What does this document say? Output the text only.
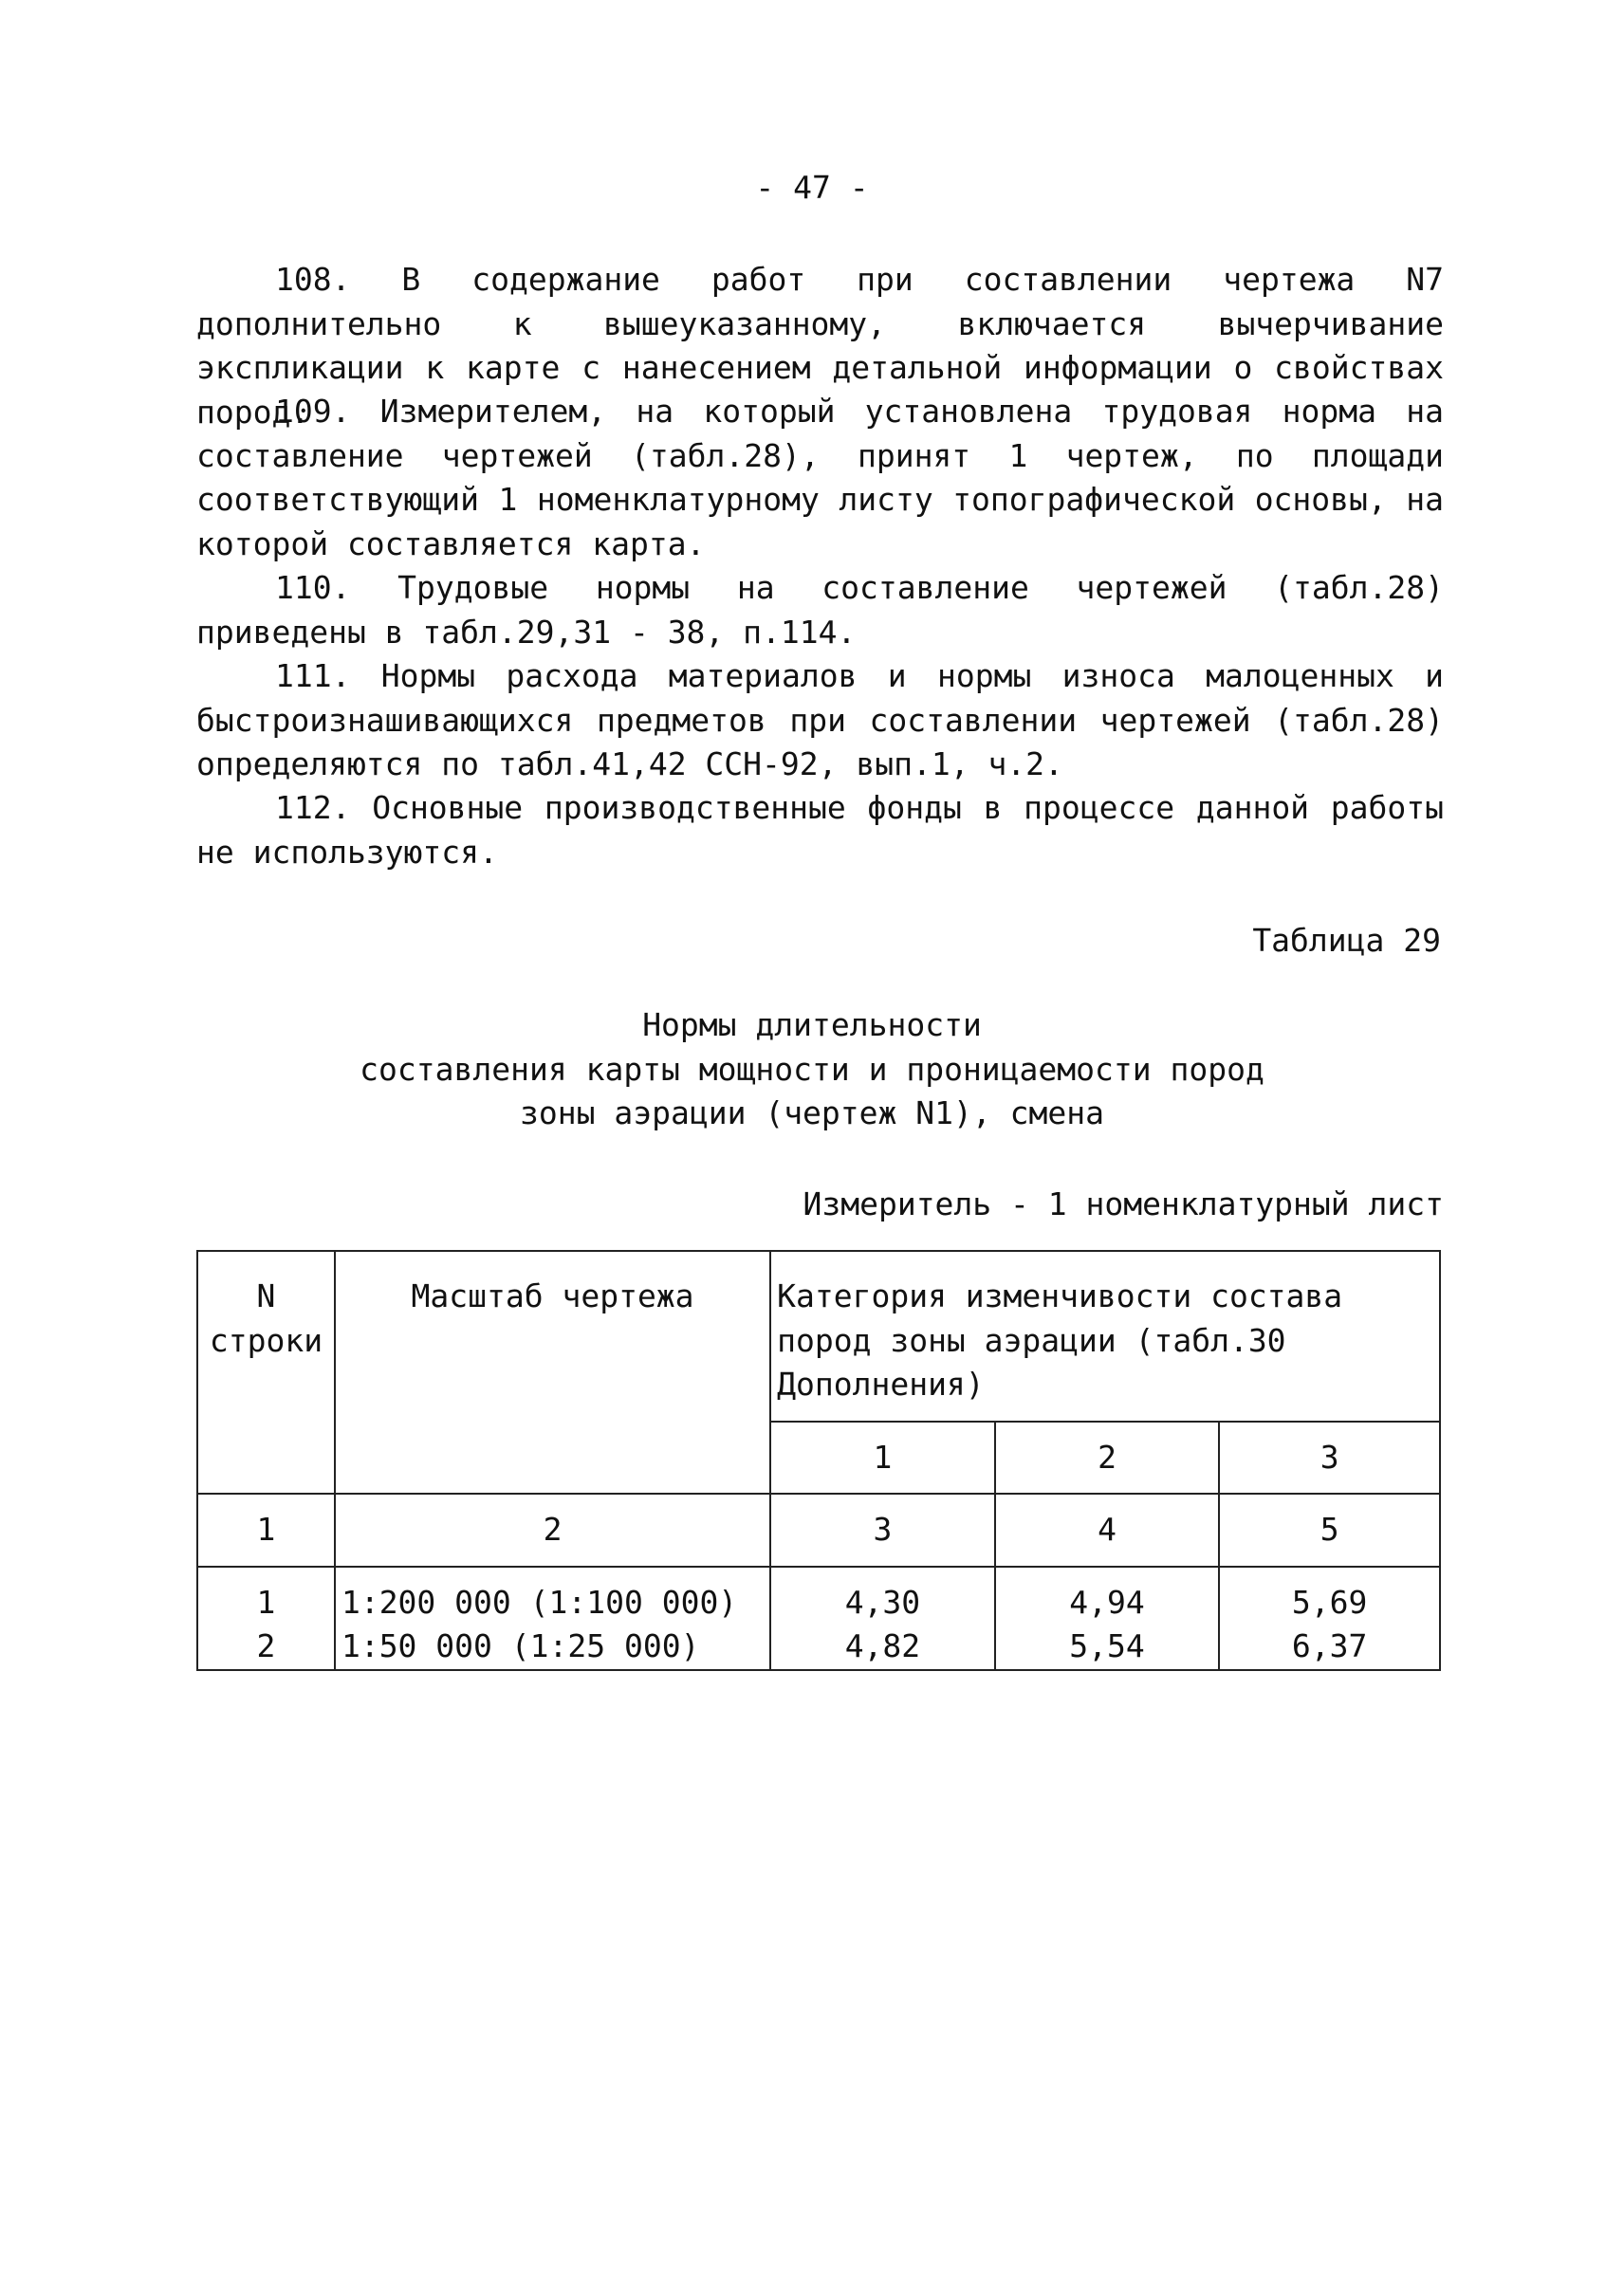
- 47 -

108. В содержание работ при составлении чертежа N7 дополнительно к вышеуказанному, включается вычерчивание экспликации к карте с нанесением детальной информации о свойствах пород.

109. Измерителем, на который установлена трудовая норма на составление чертежей (табл.28), принят 1 чертеж, по площади соответствующий 1 номенклатурному листу топографической основы, на которой составляется карта.

110. Трудовые нормы на составление чертежей (табл.28) приведены в табл.29,31 - 38, п.114.

111. Нормы расхода материалов и нормы износа малоценных и быстроизнашивающихся предметов при составлении чертежей (табл.28) определяются по табл.41,42 ССН-92, вып.1, ч.2.

112. Основные производственные фонды в процессе данной работы не используются.

Таблица 29
Нормы длительности
составления карты мощности и проницаемости пород
зоны аэрации (чертеж N1), смена
Измеритель - 1 номенклатурный лист
N строки	Масштаб чертежа	Категория изменчивости состава пород зоны аэрации (табл.30 Дополнения)		
		1	2	3
1	2	3	4	5
1	1:200 000 (1:100 000)	4,30	4,94	5,69
2	1:50 000 (1:25 000)	4,82	5,54	6,37
